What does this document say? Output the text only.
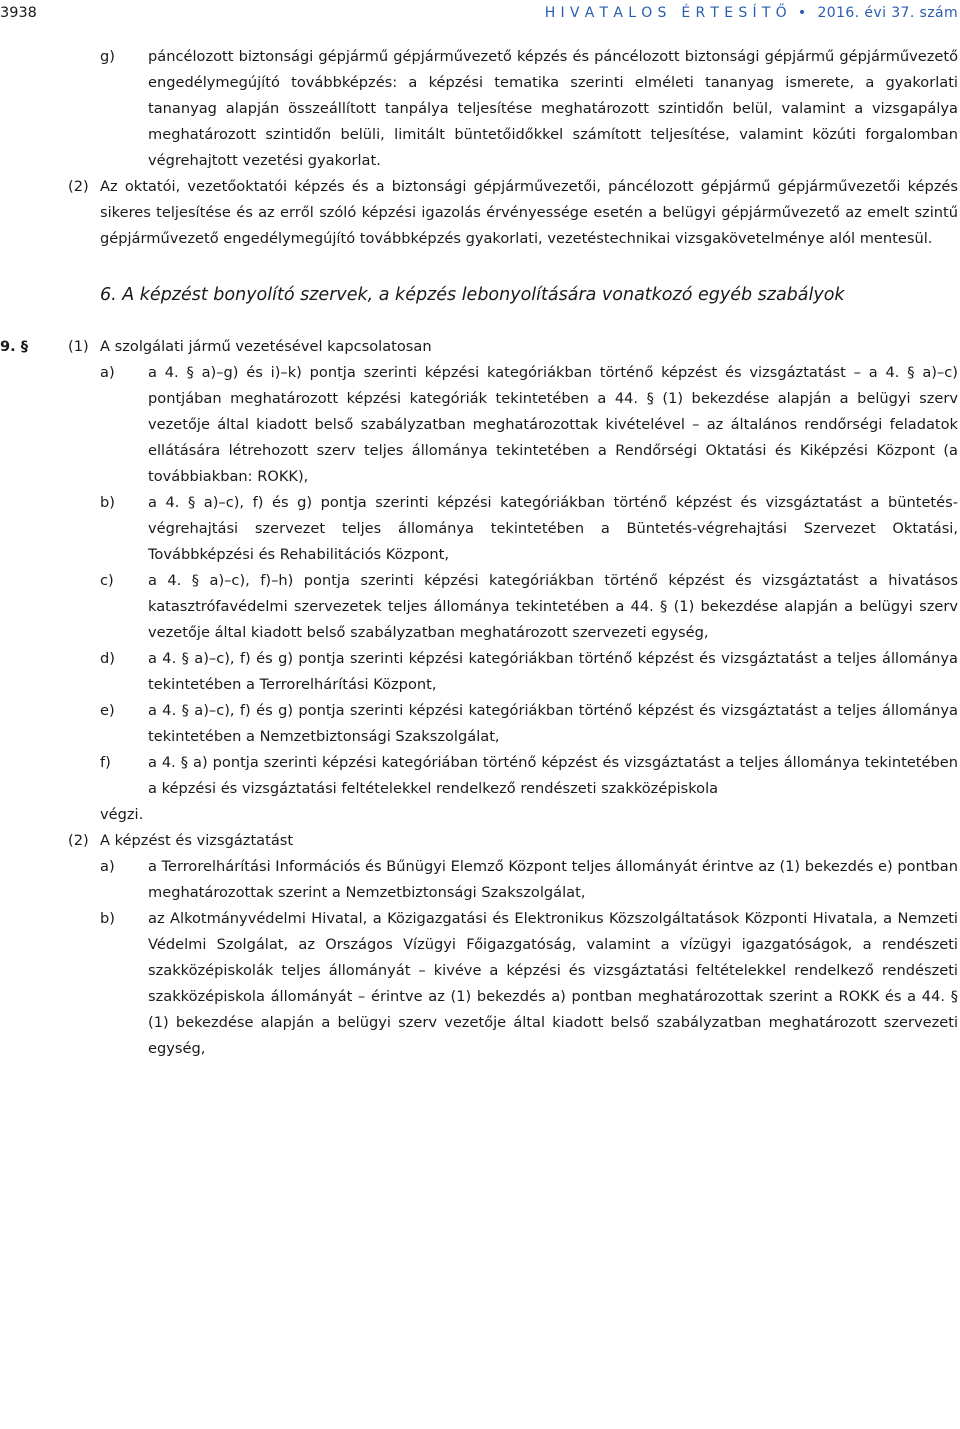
3938	H I V A T A L O S   É R T E S Í T Ő • 2016. évi 37. szám
g) páncélozott biztonsági gépjármű gépjárművezető képzés és páncélozott biztonsági gépjármű gépjárművezető engedélymegújító továbbképzés: a képzési tematika szerinti elméleti tananyag ismerete, a gyakorlati tananyag alapján összeállított tanpálya teljesítése meghatározott szintidőn belül, valamint a vizsgapálya meghatározott szintidőn belüli, limitált büntetőidőkkel számított teljesítése, valamint közúti forgalomban végrehajtott vezetési gyakorlat.
(2) Az oktatói, vezetőoktatói képzés és a biztonsági gépjárművezetői, páncélozott gépjármű gépjárművezetői képzés sikeres teljesítése és az erről szóló képzési igazolás érvényessége esetén a belügyi gépjárművezető az emelt szintű gépjárművezető engedélymegújító továbbképzés gyakorlati, vezetéstechnikai vizsgakövetelménye alól mentesül.
6. A képzést bonyolító szervek, a képzés lebonyolítására vonatkozó egyéb szabályok
9. §	(1) A szolgálati jármű vezetésével kapcsolatosan
a) a 4. § a)–g) és i)–k) pontja szerinti képzési kategóriákban történő képzést és vizsgáztatást – a 4. § a)–c) pontjában meghatározott képzési kategóriák tekintetében a 44. § (1) bekezdése alapján a belügyi szerv vezetője által kiadott belső szabályzatban meghatározottak kivételével – az általános rendőrségi feladatok ellátására létrehozott szerv teljes állománya tekintetében a Rendőrségi Oktatási és Kiképzési Központ (a továbbiakban: ROKK),
b) a 4. § a)–c), f) és g) pontja szerinti képzési kategóriákban történő képzést és vizsgáztatást a büntetés-végrehajtási szervezet teljes állománya tekintetében a Büntetés-végrehajtási Szervezet Oktatási, Továbbképzési és Rehabilitációs Központ,
c) a 4. § a)–c), f)–h) pontja szerinti képzési kategóriákban történő képzést és vizsgáztatást a hivatásos katasztrófavédelmi szervezetek teljes állománya tekintetében a 44. § (1) bekezdése alapján a belügyi szerv vezetője által kiadott belső szabályzatban meghatározott szervezeti egység,
d) a 4. § a)–c), f) és g) pontja szerinti képzési kategóriákban történő képzést és vizsgáztatást a teljes állománya tekintetében a Terrorelhárítási Központ,
e) a 4. § a)–c), f) és g) pontja szerinti képzési kategóriákban történő képzést és vizsgáztatást a teljes állománya tekintetében a Nemzetbiztonsági Szakszolgálat,
f)	a 4. § a) pontja szerinti képzési kategóriában történő képzést és vizsgáztatást a teljes állománya tekintetében a képzési és vizsgáztatási feltételekkel rendelkező rendészeti szakközépiskola
végzi.
(2) A képzést és vizsgáztatást
a) a Terrorelhárítási Információs és Bűnügyi Elemző Központ teljes állományát érintve az (1) bekezdés e) pontban meghatározottak szerint a Nemzetbiztonsági Szakszolgálat,
b) az Alkotmányvédelmi Hivatal, a Közigazgatási és Elektronikus Közszolgáltatások Központi Hivatala, a Nemzeti Védelmi Szolgálat, az Országos Vízügyi Főigazgatóság, valamint a vízügyi igazgatóságok, a rendészeti szakközépiskolák teljes állományát – kivéve a képzési és vizsgáztatási feltételekkel rendelkező rendészeti szakközépiskola állományát – érintve az (1) bekezdés a) pontban meghatározottak szerint a ROKK és a 44. § (1) bekezdése alapján a belügyi szerv vezetője által kiadott belső szabályzatban meghatározott szervezeti egység,
